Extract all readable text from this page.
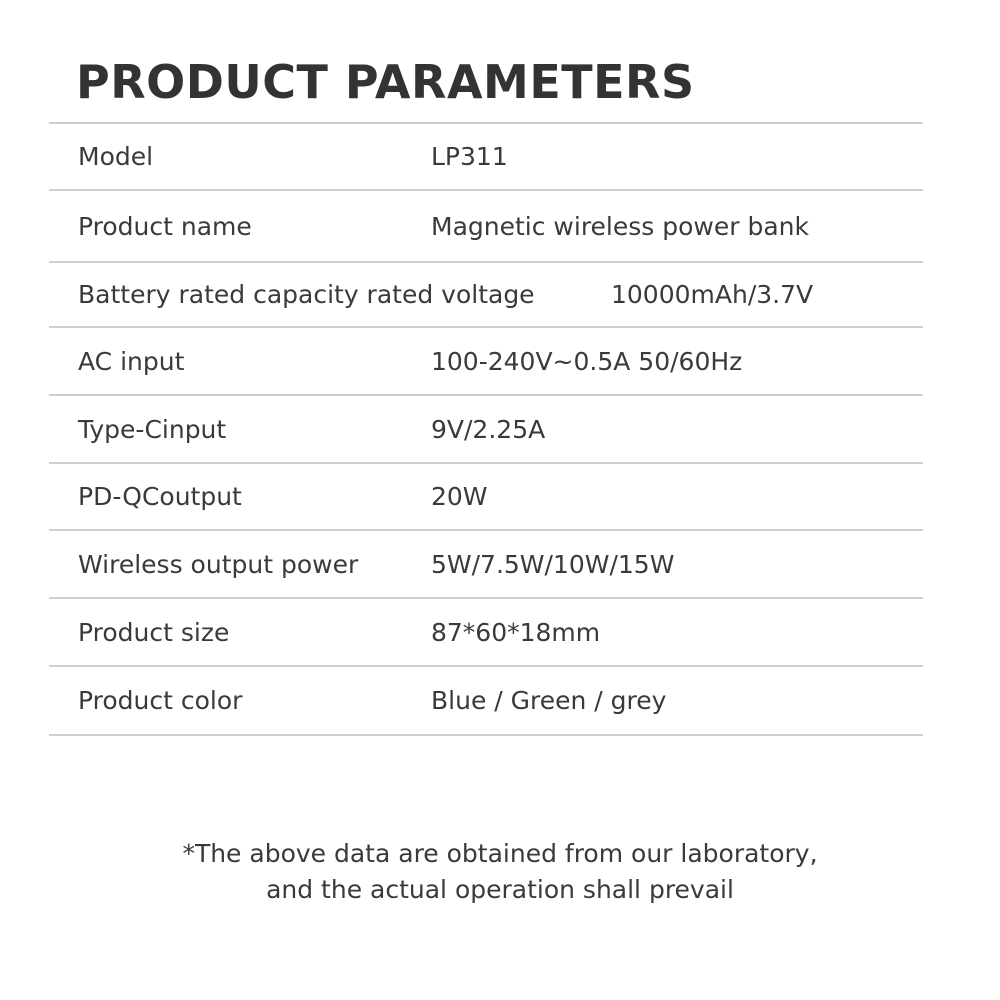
PRODUCT PARAMETERS
Model	LP311
Product name	Magnetic wireless power bank
Battery rated capacity rated voltage	10000mAh/3.7V
AC input	100-240V~0.5A 50/60Hz
Type-Cinput	9V/2.25A
PD-QCoutput	20W
Wireless output power	5W/7.5W/10W/15W
Product size	87*60*18mm
Product color	Blue / Green / grey
*The above data are obtained from our laboratory,
and the actual operation shall prevail
